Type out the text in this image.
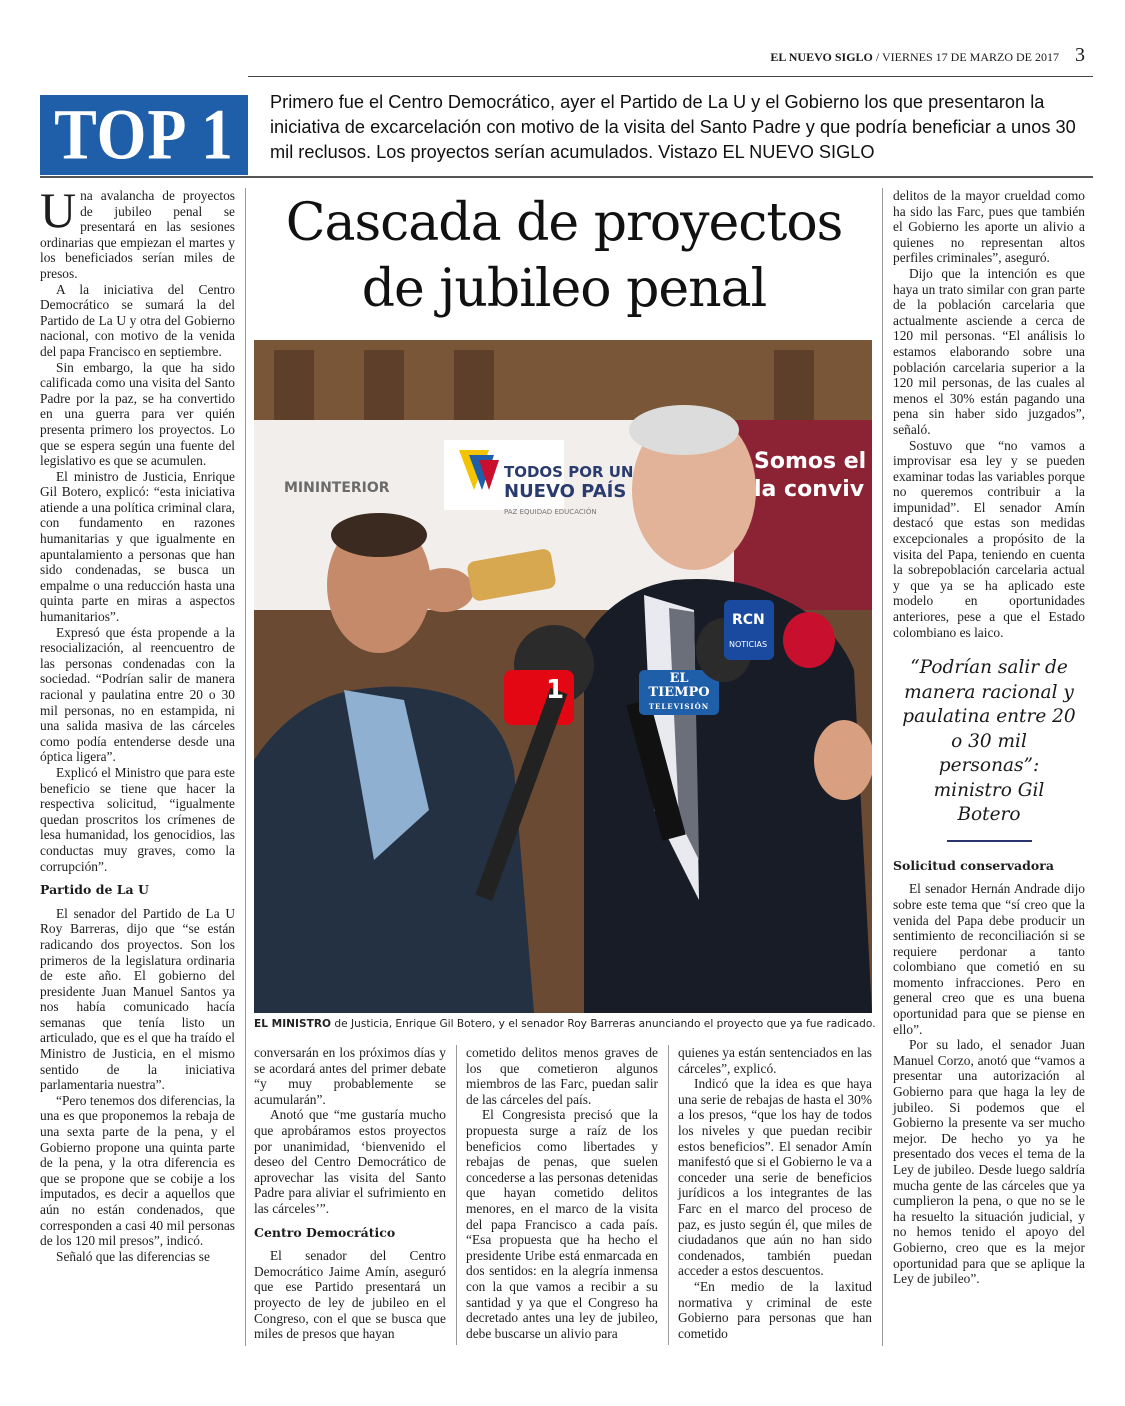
EL NUEVO SIGLO / VIERNES 17 DE MARZO DE 2017 3
TOP 1 Primero fue el Centro Democrático, ayer el Partido de La U y el Gobierno los que presentaron la iniciativa de excarcelación con motivo de la visita del Santo Padre y que podría beneficiar a unos 30 mil reclusos. Los proyectos serían acumulados. Vistazo EL NUEVO SIGLO

Una avalancha de proyectos de jubileo penal se presentará en las sesiones ordinarias que empiezan el martes y los beneficiados serían miles de presos.

A la iniciativa del Centro Democrático se sumará la del Partido de La U y otra del Gobierno nacional, con motivo de la venida del papa Francisco en septiembre.

Sin embargo, la que ha sido calificada como una visita del Santo Padre por la paz, se ha convertido en una guerra para ver quién presenta primero los proyectos. Lo que se espera según una fuente del legislativo es que se acumulen.

El ministro de Justicia, Enrique Gil Botero, explicó: “esta iniciativa atiende a una política criminal clara, con fundamento en razones humanitarias y que igualmente en apuntalamiento a personas que han sido condenadas, se busca un empalme o una reducción hasta una quinta parte en miras a aspectos humanitarios”.

Expresó que ésta propende a la resocialización, al reencuentro de las personas condenadas con la sociedad. “Podrían salir de manera racional y paulatina entre 20 o 30 mil personas, no en estampida, ni una salida masiva de las cárceles como podía entenderse desde una óptica ligera”.

Explicó el Ministro que para este beneficio se tiene que hacer la respectiva solicitud, “igualmente quedan proscritos los crímenes de lesa humanidad, los genocidios, las conductas muy graves, como la corrupción”.

Partido de La U

El senador del Partido de La U Roy Barreras, dijo que “se están radicando dos proyectos. Son los primeros de la legislatura ordinaria de este año. El gobierno del presidente Juan Manuel Santos ya nos había comunicado hacía semanas que tenía listo un articulado, que es el que ha traído el Ministro de Justicia, en el mismo sentido de la iniciativa parlamentaria nuestra”.

“Pero tenemos dos diferencias, la una es que proponemos la rebaja de una sexta parte de la pena, y el Gobierno propone una quinta parte de la pena, y la otra diferencia es que se propone que se cobije a los imputados, es decir a aquellos que aún no están condenados, que corresponden a casi 40 mil personas de los 120 mil presos”, indicó.

Señaló que las diferencias se

Cascada de proyectos
de jubileo penal
MININTERIOR
TODOS POR UN
NUEVO PAÍS
PAZ EQUIDAD EDUCACIÓN
Somos el
la conviv
EL TIEMPO
TELEVISIÓN
RCN
NOTICIAS
1
EL MINISTRO de Justicia, Enrique Gil Botero, y el senador Roy Barreras anunciando el proyecto que ya fue radicado.

conversarán en los próximos días y se acordará antes del primer debate “y muy probablemente se acumularán”.

Anotó que “me gustaría mucho que aprobáramos estos proyectos por unanimidad, ‘bienvenido el deseo del Centro Democrático de aprovechar las visita del Santo Padre para aliviar el sufrimiento en las cárceles’”.

Centro Democrático

El senador del Centro Democrático Jaime Amín, aseguró que ese Partido presentará un proyecto de ley de jubileo en el Congreso, con el que se busca que miles de presos que hayan

cometido delitos menos graves de los que cometieron algunos miembros de las Farc, puedan salir de las cárceles del país.

El Congresista precisó que la propuesta surge a raíz de los beneficios como libertades y rebajas de penas, que suelen concederse a las personas detenidas que hayan cometido delitos menores, en el marco de la visita del papa Francisco a cada país. “Esa propuesta que ha hecho el presidente Uribe está enmarcada en dos sentidos: en la alegría inmensa con la que vamos a recibir a su santidad y ya que el Congreso ha decretado antes una ley de jubileo, debe buscarse un alivio para

quienes ya están sentenciados en las cárceles”, explicó.

Indicó que la idea es que haya una serie de rebajas de hasta el 30% a los presos, “que los hay de todos los niveles y que puedan recibir estos beneficios”. El senador Amín manifestó que si el Gobierno le va a conceder una serie de beneficios jurídicos a los integrantes de las Farc en el marco del proceso de paz, es justo según él, que miles de ciudadanos que aún no han sido condenados, también puedan acceder a estos descuentos.

“En medio de la laxitud normativa y criminal de este Gobierno para personas que han cometido

delitos de la mayor crueldad como ha sido las Farc, pues que también el Gobierno les aporte un alivio a quienes no representan altos perfiles criminales”, aseguró.

Dijo que la intención es que haya un trato similar con gran parte de la población carcelaria que actualmente asciende a cerca de 120 mil personas. “El análisis lo estamos elaborando sobre una población carcelaria superior a la 120 mil personas, de las cuales al menos el 30% están pagando una pena sin haber sido juzgados”, señaló.

Sostuvo que “no vamos a improvisar esa ley y se pueden examinar todas las variables porque no queremos contribuir a la impunidad”. El senador Amín destacó que estas son medidas excepcionales a propósito de la visita del Papa, teniendo en cuenta la sobrepoblación carcelaria actual y que ya se ha aplicado este modelo en oportunidades anteriores, pese a que el Estado colombiano es laico.

“Podrían salir de manera racional y paulatina entre 20 o 30 mil personas”: ministro Gil Botero
Solicitud conservadora

El senador Hernán Andrade dijo sobre este tema que “sí creo que la venida del Papa debe producir un sentimiento de reconciliación si se requiere perdonar a tanto colombiano que cometió en su momento infracciones. Pero en general creo que es una buena oportunidad para que se piense en ello”.

Por su lado, el senador Juan Manuel Corzo, anotó que “vamos a presentar una autorización al Gobierno para que haga la ley de jubileo. Si podemos que el Gobierno la presente va ser mucho mejor. De hecho yo ya he presentado dos veces el tema de la Ley de jubileo. Desde luego saldría mucha gente de las cárceles que ya cumplieron la pena, o que no se le ha resuelto la situación judicial, y no hemos tenido el apoyo del Gobierno, creo que es la mejor oportunidad para que se aplique la Ley de jubileo”.
